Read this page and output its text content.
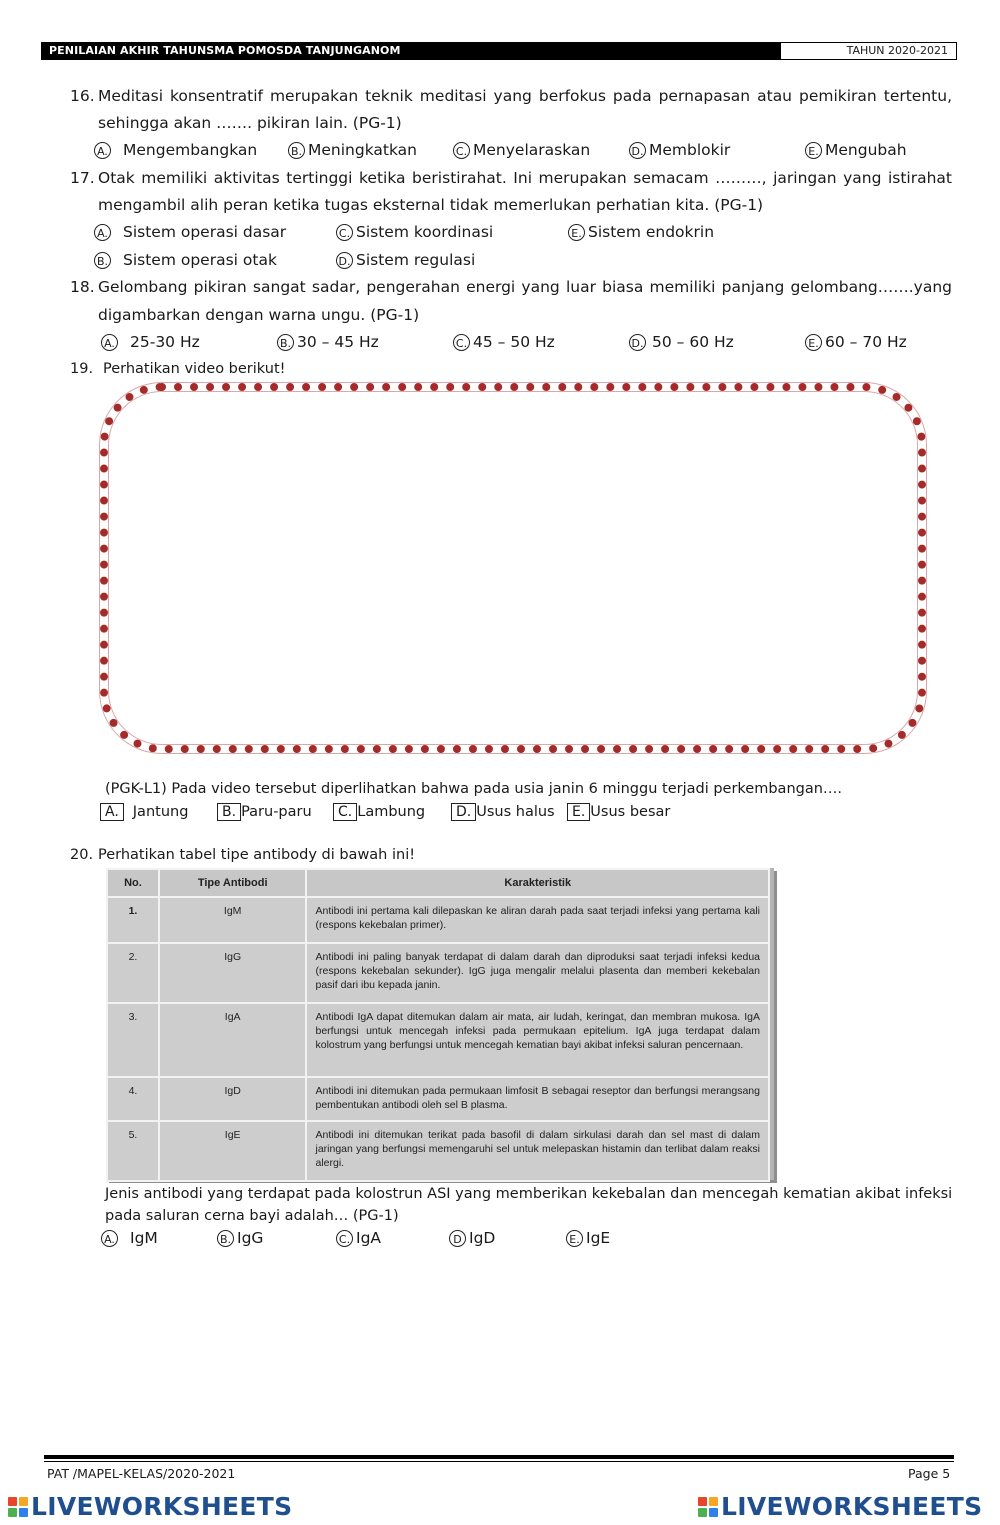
PENILAIAN AKHIR TAHUNSMA POMOSDA TANJUNGANOM	TAHUN 2020-2021
16. Meditasi konsentratif merupakan teknik meditasi yang berfokus pada pernapasan atau pemikiran tertentu,
sehingga akan ……. pikiran lain. (PG-1)
A. Mengembangkan	B. Meningkatkan	C. Menyelaraskan	D. Memblokir	E. Mengubah
17. Otak memiliki aktivitas tertinggi ketika beristirahat. Ini merupakan semacam ………, jaringan yang istirahat
mengambil alih peran ketika tugas eksternal tidak memerlukan perhatian kita. (PG-1)
A. Sistem operasi dasar	C. Sistem koordinasi	E. Sistem endokrin
B. Sistem operasi otak	D. Sistem regulasi
18. Gelombang pikiran sangat sadar, pengerahan energi yang luar biasa memiliki panjang gelombang…….yang
digambarkan dengan warna ungu. (PG-1)
A. 25-30 Hz	B. 30 – 45 Hz	C. 45 – 50 Hz	D. 50 – 60 Hz	E. 60 – 70 Hz
19. Perhatikan video berikut!
(PGK-L1) Pada video tersebut diperlihatkan bahwa pada usia janin 6 minggu terjadi perkembangan….
A. Jantung	B. Paru-paru	C. Lambung	D. Usus halus	E. Usus besar
20. Perhatikan tabel tipe antibody di bawah ini!
No.	Tipe Antibodi	Karakteristik
1.	IgM	Antibodi ini pertama kali dilepaskan ke aliran darah pada saat terjadi infeksi yang pertama kali (respons kekebalan primer).
2.	IgG	Antibodi ini paling banyak terdapat di dalam darah dan diproduksi saat terjadi infeksi kedua (respons kekebalan sekunder). IgG juga mengalir melalui plasenta dan memberi kekebalan pasif dari ibu kepada janin.
3.	IgA	Antibodi IgA dapat ditemukan dalam air mata, air ludah, keringat, dan membran mukosa. IgA berfungsi untuk mencegah infeksi pada permukaan epitelium. IgA juga terdapat dalam kolostrum yang berfungsi untuk mencegah kematian bayi akibat infeksi saluran pencernaan.
4.	IgD	Antibodi ini ditemukan pada permukaan limfosit B sebagai reseptor dan berfungsi merangsang pembentukan antibodi oleh sel B plasma.
5.	IgE	Antibodi ini ditemukan terikat pada basofil di dalam sirkulasi darah dan sel mast di dalam jaringan yang berfungsi memengaruhi sel untuk melepaskan histamin dan terlibat dalam reaksi alergi.
Jenis antibodi yang terdapat pada kolostrun ASI yang memberikan kekebalan dan mencegah kematian akibat infeksi
pada saluran cerna bayi adalah… (PG-1)
A. IgM	B. IgG	C. IgA	D IgD	E. IgE
PAT /MAPEL-KELAS/2020-2021	Page 5
LIVEWORKSHEETS	LIVEWORKSHEETS
